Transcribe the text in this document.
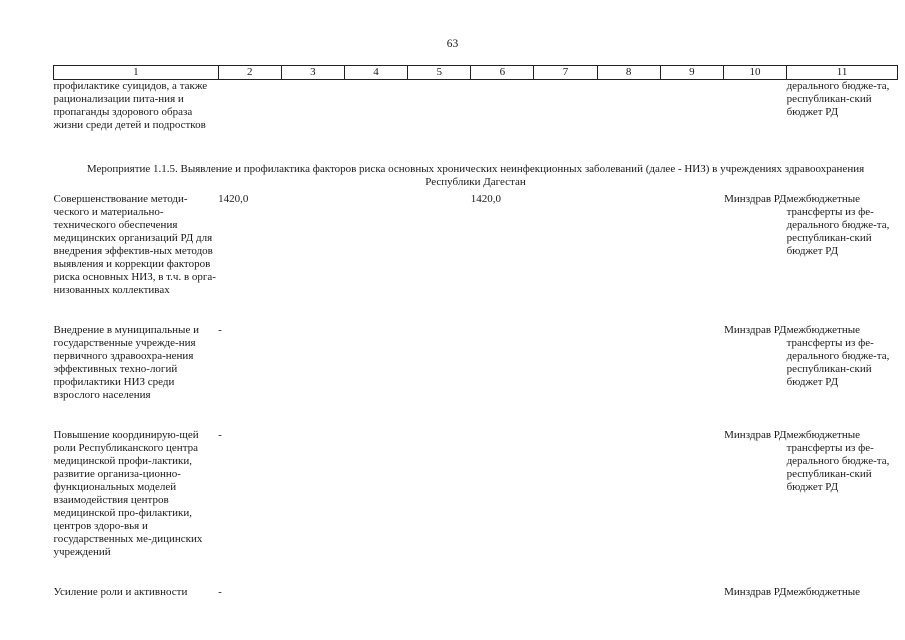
63
1	2	3	4	5	6	7	8	9	10	11
профилактике суицидов, а также рационализации пита-ния и пропаганды здорового образа жизни среди детей и подростков										дерального бюдже-та, республикан-ский бюджет РД

Мероприятие 1.1.5. Выявление и профилактика факторов риска основных хронических неинфекционных заболеваний (далее - НИЗ) в учреждениях здравоохранения
Республики Дагестан										

Совершенствование методи-ческого и материально-технического обеспечения медицинских организаций РД для внедрения эффектив-ных методов выявления и коррекции факторов риска основных НИЗ, в т.ч. в орга-низованных коллективах	1420,0				1420,0				Минздрав РД	межбюджетные трансферты из фе-дерального бюдже-та, республикан-ский бюджет РД

Внедрение в муниципальные и государственные учрежде-ния первичного здравоохра-нения эффективных техно-логий профилактики НИЗ среди взрослого населения	-								Минздрав РД	межбюджетные трансферты из фе-дерального бюдже-та, республикан-ский бюджет РД

Повышение координирую-щей роли Республиканского центра медицинской профи-лактики, развитие организа-ционно-функциональных моделей взаимодействия центров медицинской про-филактики, центров здоро-вья и государственных ме-дицинских учреждений	-								Минздрав РД	межбюджетные трансферты из фе-дерального бюдже-та, республикан-ский бюджет РД

Усиление роли и активности	-								Минздрав РД	межбюджетные
